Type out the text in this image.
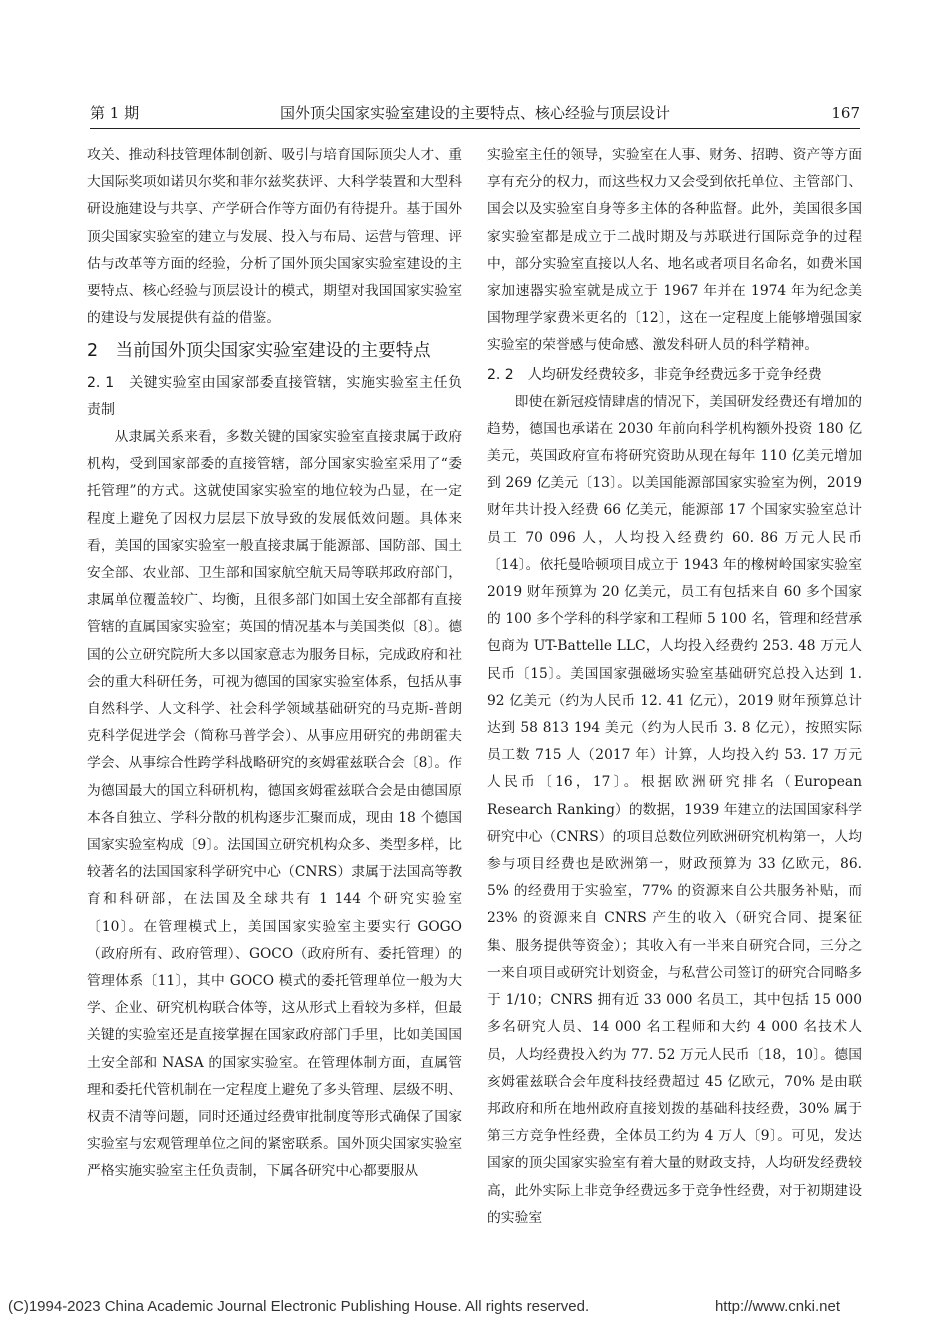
第 1 期	国外顶尖国家实验室建设的主要特点、核心经验与顶层设计	167

攻关、推动科技管理体制创新、吸引与培育国际顶尖人才、重大国际奖项如诺贝尔奖和菲尔兹奖获评、大科学装置和大型科研设施建设与共享、产学研合作等方面仍有待提升。基于国外顶尖国家实验室的建立与发展、投入与布局、运营与管理、评估与改革等方面的经验，分析了国外顶尖国家实验室建设的主要特点、核心经验与顶层设计的模式，期望对我国国家实验室的建设与发展提供有益的借鉴。

2　当前国外顶尖国家实验室建设的主要特点

2. 1　关键实验室由国家部委直接管辖，实施实验室主任负责制

从隶属关系来看，多数关键的国家实验室直接隶属于政府机构，受到国家部委的直接管辖，部分国家实验室采用了“委托管理”的方式。这就使国家实验室的地位较为凸显，在一定程度上避免了因权力层层下放导致的发展低效问题。具体来看，美国的国家实验室一般直接隶属于能源部、国防部、国土安全部、农业部、卫生部和国家航空航天局等联邦政府部门，隶属单位覆盖较广、均衡，且很多部门如国土安全部都有直接管辖的直属国家实验室；英国的情况基本与美国类似〔8〕。德国的公立研究院所大多以国家意志为服务目标，完成政府和社会的重大科研任务，可视为德国的国家实验室体系，包括从事自然科学、人文科学、社会科学领域基础研究的马克斯-普朗克科学促进学会（简称马普学会）、从事应用研究的弗朗霍夫学会、从事综合性跨学科战略研究的亥姆霍兹联合会〔8〕。作为德国最大的国立科研机构，德国亥姆霍兹联合会是由德国原本各自独立、学科分散的机构逐步汇聚而成，现由 18 个德国国家实验室构成〔9〕。法国国立研究机构众多、类型多样，比较著名的法国国家科学研究中心（CNRS）隶属于法国高等教育和科研部，在法国及全球共有 1 144 个研究实验室〔10〕。在管理模式上，美国国家实验室主要实行 GOGO（政府所有、政府管理）、GOCO（政府所有、委托管理）的管理体系〔11〕，其中 GOCO 模式的委托管理单位一般为大学、企业、研究机构联合体等，这从形式上看较为多样，但最关键的实验室还是直接掌握在国家政府部门手里，比如美国国土安全部和 NASA 的国家实验室。在管理体制方面，直属管理和委托代管机制在一定程度上避免了多头管理、层级不明、权责不清等问题，同时还通过经费审批制度等形式确保了国家实验室与宏观管理单位之间的紧密联系。国外顶尖国家实验室严格实施实验室主任负责制，下属各研究中心都要服从

实验室主任的领导，实验室在人事、财务、招聘、资产等方面享有充分的权力，而这些权力又会受到依托单位、主管部门、国会以及实验室自身等多主体的各种监督。此外，美国很多国家实验室都是成立于二战时期及与苏联进行国际竞争的过程中，部分实验室直接以人名、地名或者项目名命名，如费米国家加速器实验室就是成立于 1967 年并在 1974 年为纪念美国物理学家费米更名的〔12〕，这在一定程度上能够增强国家实验室的荣誉感与使命感、激发科研人员的科学精神。

2. 2　人均研发经费较多，非竞争经费远多于竞争经费

即使在新冠疫情肆虐的情况下，美国研发经费还有增加的趋势，德国也承诺在 2030 年前向科学机构额外投资 180 亿美元，英国政府宣布将研究资助从现在每年 110 亿美元增加到 269 亿美元〔13〕。以美国能源部国家实验室为例，2019 财年共计投入经费 66 亿美元，能源部 17 个国家实验室总计员工 70 096 人，人均投入经费约 60. 86 万元人民币〔14〕。依托曼哈顿项目成立于 1943 年的橡树岭国家实验室 2019 财年预算为 20 亿美元，员工有包括来自 60 多个国家的 100 多个学科的科学家和工程师 5 100 名，管理和经营承包商为 UT-Battelle LLC，人均投入经费约 253. 48 万元人民币〔15〕。美国国家强磁场实验室基础研究总投入达到 1. 92 亿美元（约为人民币 12. 41 亿元），2019 财年预算总计达到 58 813 194 美元（约为人民币 3. 8 亿元），按照实际员工数 715 人（2017 年）计算，人均投入约 53. 17 万元人民币〔16，17〕。根据欧洲研究排名（European Research Ranking）的数据，1939 年建立的法国国家科学研究中心（CNRS）的项目总数位列欧洲研究机构第一，人均参与项目经费也是欧洲第一，财政预算为 33 亿欧元，86. 5% 的经费用于实验室，77% 的资源来自公共服务补贴，而 23% 的资源来自 CNRS 产生的收入（研究合同、提案征集、服务提供等资金）；其收入有一半来自研究合同，三分之一来自项目或研究计划资金，与私营公司签订的研究合同略多于 1/10；CNRS 拥有近 33 000 名员工，其中包括 15 000 多名研究人员、14 000 名工程师和大约 4 000 名技术人员，人均经费投入约为 77. 52 万元人民币〔18，10〕。德国亥姆霍兹联合会年度科技经费超过 45 亿欧元，70% 是由联邦政府和所在地州政府直接划拨的基础科技经费，30% 属于第三方竞争性经费，全体员工约为 4 万人〔9〕。可见，发达国家的顶尖国家实验室有着大量的财政支持，人均研发经费较高，此外实际上非竞争经费远多于竞争性经费，对于初期建设的实验室

(C)1994-2023 China Academic Journal Electronic Publishing House. All rights reserved.	http://www.cnki.net
